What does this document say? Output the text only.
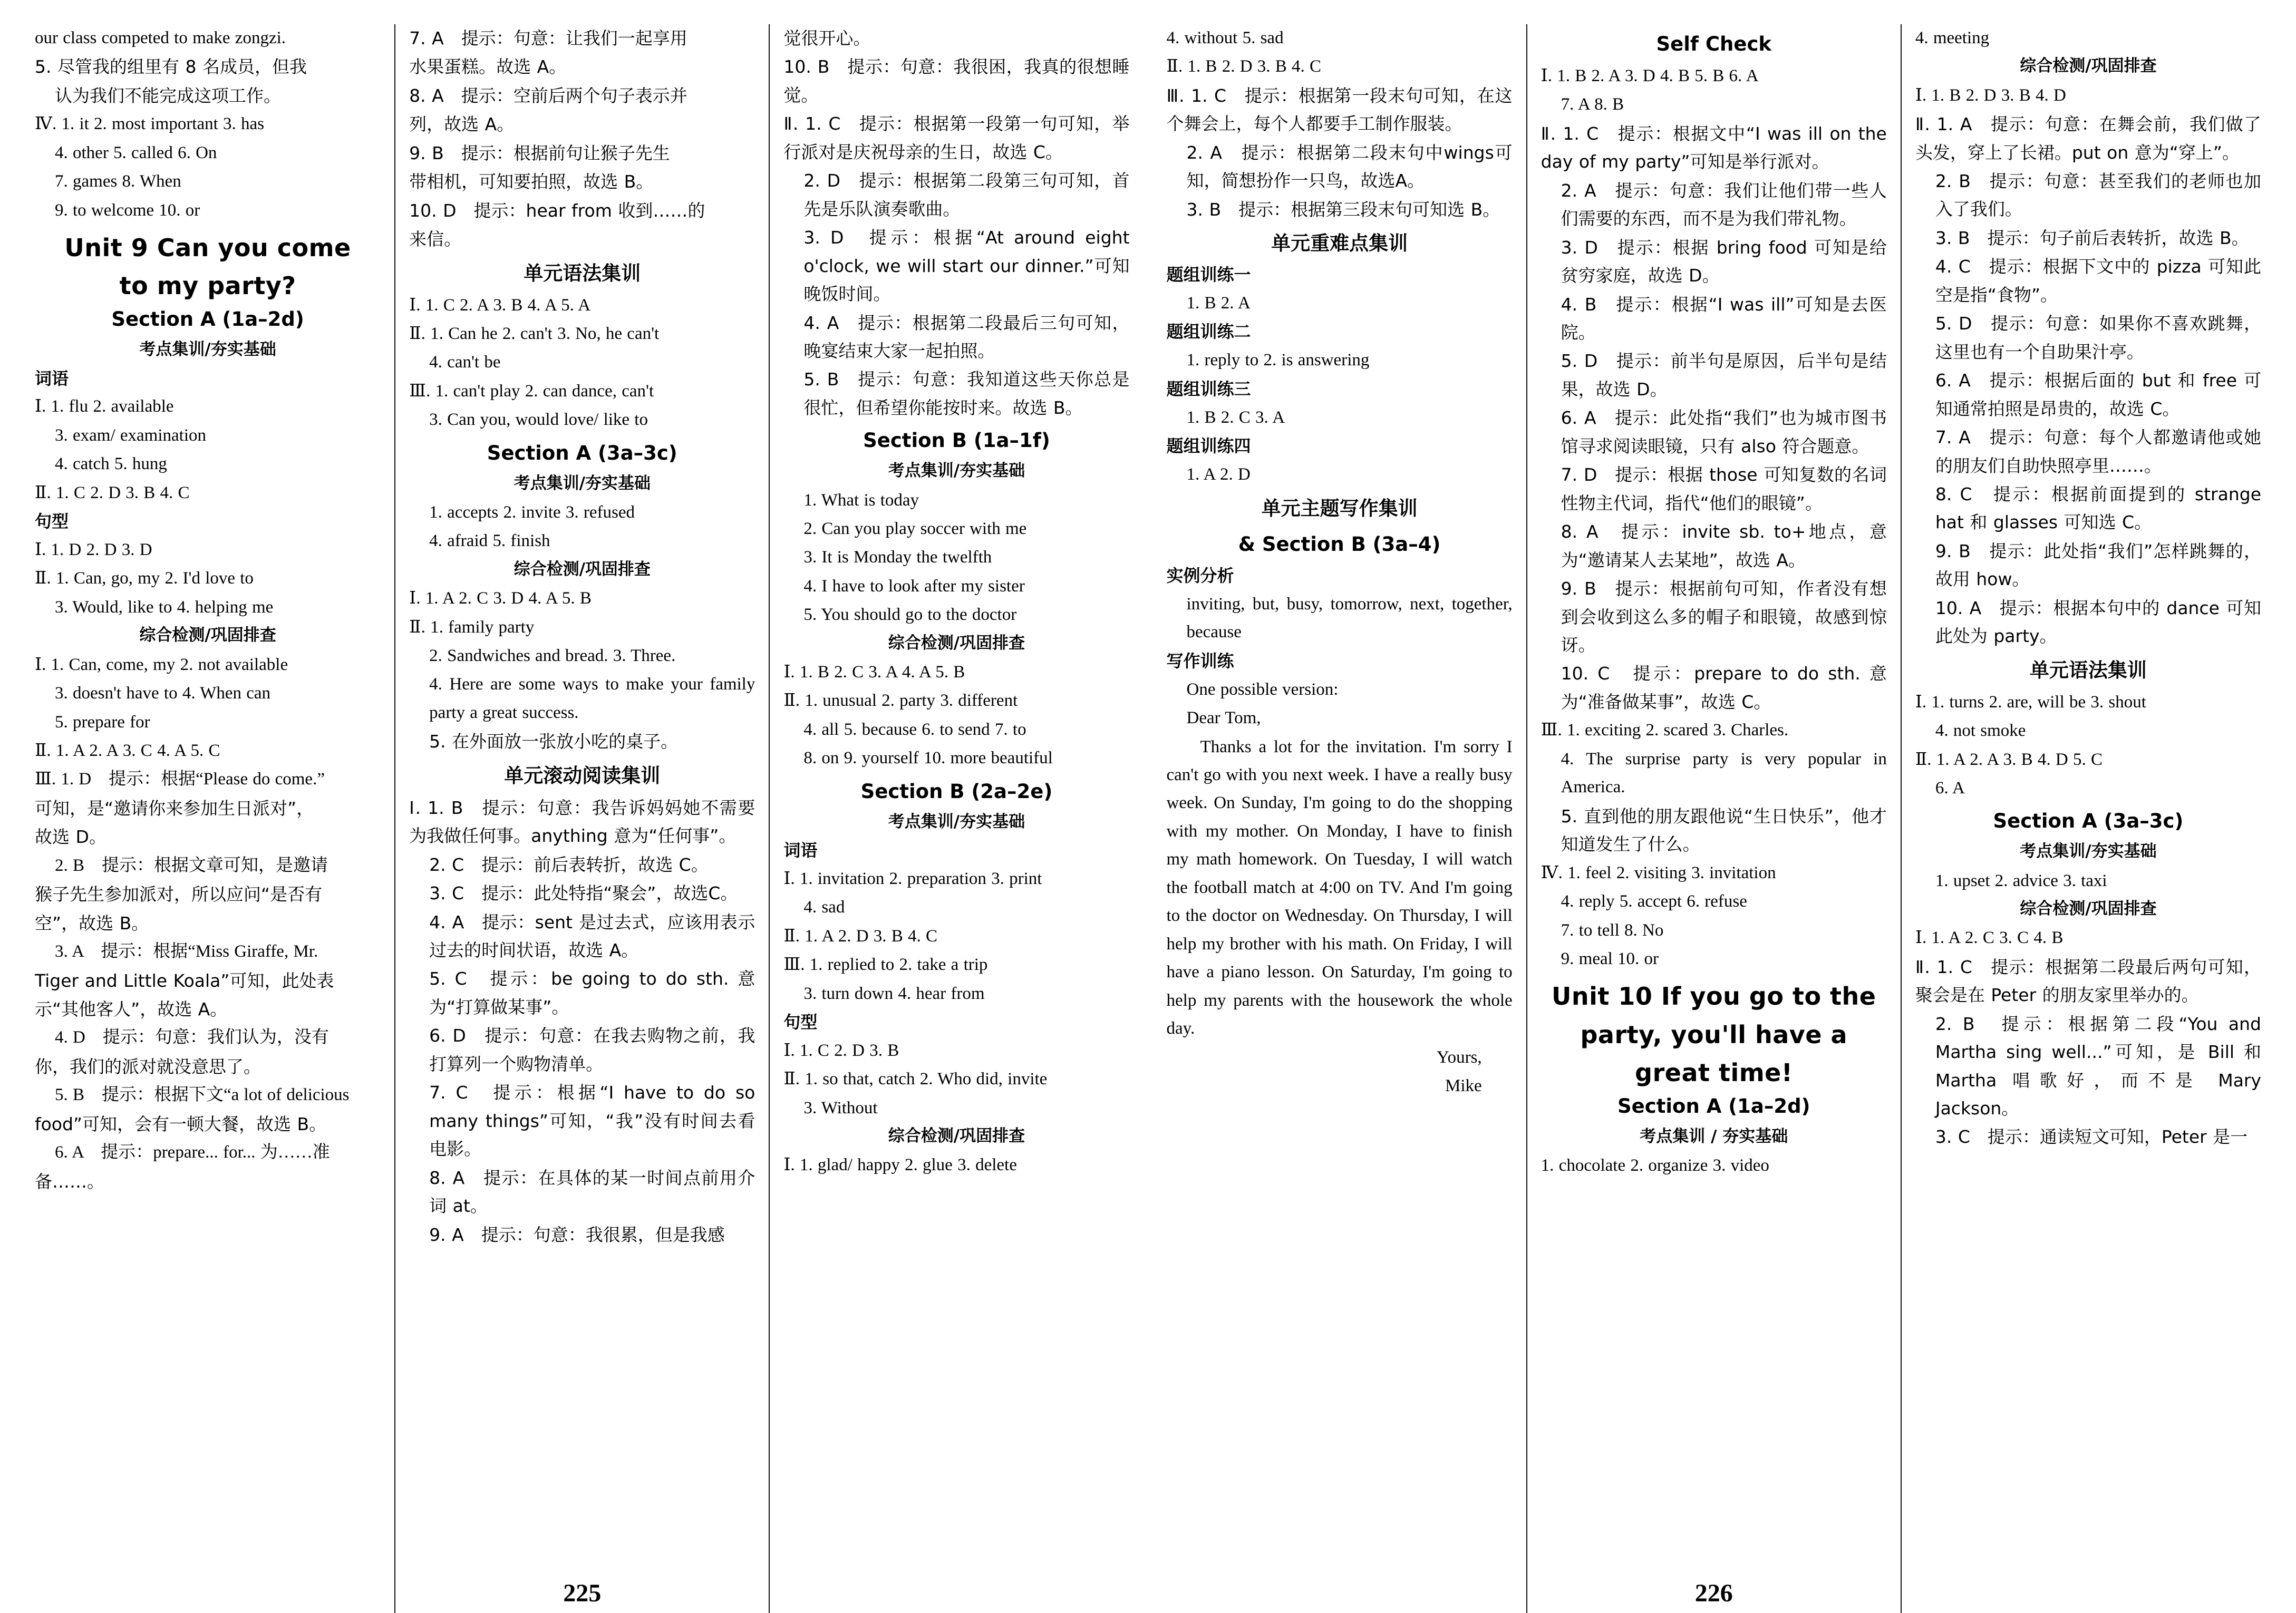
our class competed to make zongzi.
5. 尽管我的组里有 8 名成员，但我
认为我们不能完成这项工作。
Ⅳ. 1. it 2. most important 3. has
4. other 5. called 6. On
7. games 8. When
9. to welcome 10. or
Unit 9 Can you come
to my party?
Section A (1a–2d)
考点集训/夯实基础
词语
Ⅰ. 1. flu 2. available
3. exam/ examination
4. catch 5. hung
Ⅱ. 1. C 2. D 3. B 4. C
句型
Ⅰ. 1. D 2. D 3. D
Ⅱ. 1. Can, go, my 2. I'd love to
3. Would, like to 4. helping me
综合检测/巩固排查
Ⅰ. 1. Can, come, my 2. not available
3. doesn't have to 4. When can
5. prepare for
Ⅱ. 1. A 2. A 3. C 4. A 5. C
Ⅲ. 1. D　提示：根据“Please do come.”
可知，是“邀请你来参加生日派对”，
故选 D。
2. B　提示：根据文章可知，是邀请
猴子先生参加派对，所以应问“是否有
空”，故选 B。
3. A　提示：根据“Miss Giraffe, Mr.
Tiger and Little Koala”可知，此处表
示“其他客人”，故选 A。
4. D　提示：句意：我们认为，没有
你，我们的派对就没意思了。
5. B　提示：根据下文“a lot of delicious
food”可知，会有一顿大餐，故选 B。
6. A　提示：prepare... for... 为……准
备……。
7. A　提示：句意：让我们一起享用
水果蛋糕。故选 A。
8. A　提示：空前后两个句子表示并
列，故选 A。
9. B　提示：根据前句让猴子先生
带相机，可知要拍照，故选 B。
10. D　提示：hear from 收到……的
来信。
单元语法集训
Ⅰ. 1. C 2. A 3. B 4. A 5. A
Ⅱ. 1. Can he 2. can't 3. No, he can't
4. can't be
Ⅲ. 1. can't play 2. can dance, can't
3. Can you, would love/ like to
Section A (3a–3c)
考点集训/夯实基础
1. accepts 2. invite 3. refused
4. afraid 5. finish
综合检测/巩固排查
Ⅰ. 1. A 2. C 3. D 4. A 5. B
Ⅱ. 1. family party
2. Sandwiches and bread. 3. Three.
4. Here are some ways to make your family party a great success.
5. 在外面放一张放小吃的桌子。
单元滚动阅读集训
Ⅰ. 1. B　提示：句意：我告诉妈妈她不需要为我做任何事。anything 意为“任何事”。
2. C　提示：前后表转折，故选 C。
3. C　提示：此处特指“聚会”，故选C。
4. A　提示：sent 是过去式，应该用表示过去的时间状语，故选 A。
5. C　提示：be going to do sth. 意为“打算做某事”。
6. D　提示：句意：在我去购物之前，我打算列一个购物清单。
7. C　提示：根据“I have to do so many things”可知，“我”没有时间去看电影。
8. A　提示：在具体的某一时间点前用介词 at。
9. A　提示：句意：我很累，但是我感
觉很开心。
10. B　提示：句意：我很困，我真的很想睡觉。
Ⅱ. 1. C　提示：根据第一段第一句可知，举行派对是庆祝母亲的生日，故选 C。
2. D　提示：根据第二段第三句可知，首先是乐队演奏歌曲。
3. D　提示：根据“At around eight o'clock, we will start our dinner.”可知晚饭时间。
4. A　提示：根据第二段最后三句可知，晚宴结束大家一起拍照。
5. B　提示：句意：我知道这些天你总是很忙，但希望你能按时来。故选 B。
Section B (1a–1f)
考点集训/夯实基础
1. What is today
2. Can you play soccer with me
3. It is Monday the twelfth
4. I have to look after my sister
5. You should go to the doctor
综合检测/巩固排查
Ⅰ. 1. B 2. C 3. A 4. A 5. B
Ⅱ. 1. unusual 2. party 3. different
4. all 5. because 6. to send 7. to
8. on 9. yourself 10. more beautiful
Section B (2a–2e)
考点集训/夯实基础
词语
Ⅰ. 1. invitation 2. preparation 3. print
4. sad
Ⅱ. 1. A 2. D 3. B 4. C
Ⅲ. 1. replied to 2. take a trip
3. turn down 4. hear from
句型
Ⅰ. 1. C 2. D 3. B
Ⅱ. 1. so that, catch 2. Who did, invite
3. Without
综合检测/巩固排查
Ⅰ. 1. glad/ happy 2. glue 3. delete
225
4. without 5. sad
Ⅱ. 1. B 2. D 3. B 4. C
Ⅲ. 1. C　提示：根据第一段末句可知，在这个舞会上，每个人都要手工制作服装。
2. A　提示：根据第二段末句中wings可知，简想扮作一只鸟，故选A。
3. B　提示：根据第三段末句可知选 B。
单元重难点集训
题组训练一
1. B 2. A
题组训练二
1. reply to 2. is answering
题组训练三
1. B 2. C 3. A
题组训练四
1. A 2. D
单元主题写作集训
& Section B (3a–4)
实例分析
inviting, but, busy, tomorrow, next, together, because
写作训练
One possible version:
Dear Tom,
Thanks a lot for the invitation. I'm sorry I can't go with you next week. I have a really busy week. On Sunday, I'm going to do the shopping with my mother. On Monday, I have to finish my math homework. On Tuesday, I will watch the football match at 4:00 on TV. And I'm going to the doctor on Wednesday. On Thursday, I will help my brother with his math. On Friday, I will have a piano lesson. On Saturday, I'm going to help my parents with the housework the whole day.
Yours,
Mike
Self Check
Ⅰ. 1. B 2. A 3. D 4. B 5. B 6. A
7. A 8. B
Ⅱ. 1. C　提示：根据文中“I was ill on the day of my party”可知是举行派对。
2. A　提示：句意：我们让他们带一些人们需要的东西，而不是为我们带礼物。
3. D　提示：根据 bring food 可知是给贫穷家庭，故选 D。
4. B　提示：根据“I was ill”可知是去医院。
5. D　提示：前半句是原因，后半句是结果，故选 D。
6. A　提示：此处指“我们”也为城市图书馆寻求阅读眼镜，只有 also 符合题意。
7. D　提示：根据 those 可知复数的名词性物主代词，指代“他们的眼镜”。
8. A　提示：invite sb. to+地点，意为“邀请某人去某地”，故选 A。
9. B　提示：根据前句可知，作者没有想到会收到这么多的帽子和眼镜，故感到惊讶。
10. C　提示：prepare to do sth. 意为“准备做某事”，故选 C。
Ⅲ. 1. exciting 2. scared 3. Charles.
4. The surprise party is very popular in America.
5. 直到他的朋友跟他说“生日快乐”，他才知道发生了什么。
Ⅳ. 1. feel 2. visiting 3. invitation
4. reply 5. accept 6. refuse
7. to tell 8. No
9. meal 10. or
Unit 10 If you go to the
party, you'll have a
great time!
Section A (1a–2d)
考点集训 / 夯实基础
1. chocolate 2. organize 3. video
4. meeting
综合检测/巩固排查
Ⅰ. 1. B 2. D 3. B 4. D
Ⅱ. 1. A　提示：句意：在舞会前，我们做了头发，穿上了长裙。put on 意为“穿上”。
2. B　提示：句意：甚至我们的老师也加入了我们。
3. B　提示：句子前后表转折，故选 B。
4. C　提示：根据下文中的 pizza 可知此空是指“食物”。
5. D　提示：句意：如果你不喜欢跳舞，这里也有一个自助果汁亭。
6. A　提示：根据后面的 but 和 free 可知通常拍照是昂贵的，故选 C。
7. A　提示：句意：每个人都邀请他或她的朋友们自助快照亭里……。
8. C　提示：根据前面提到的 strange hat 和 glasses 可知选 C。
9. B　提示：此处指“我们”怎样跳舞的，故用 how。
10. A　提示：根据本句中的 dance 可知此处为 party。
单元语法集训
Ⅰ. 1. turns 2. are, will be 3. shout
4. not smoke
Ⅱ. 1. A 2. A 3. B 4. D 5. C
6. A
Section A (3a–3c)
考点集训/夯实基础
1. upset 2. advice 3. taxi
综合检测/巩固排查
Ⅰ. 1. A 2. C 3. C 4. B
Ⅱ. 1. C　提示：根据第二段最后两句可知，聚会是在 Peter 的朋友家里举办的。
2. B　提示：根据第二段“You and Martha sing well...”可知，是 Bill 和 Martha 唱歌好，而不是 Mary Jackson。
3. C　提示：通读短文可知，Peter 是一
226
